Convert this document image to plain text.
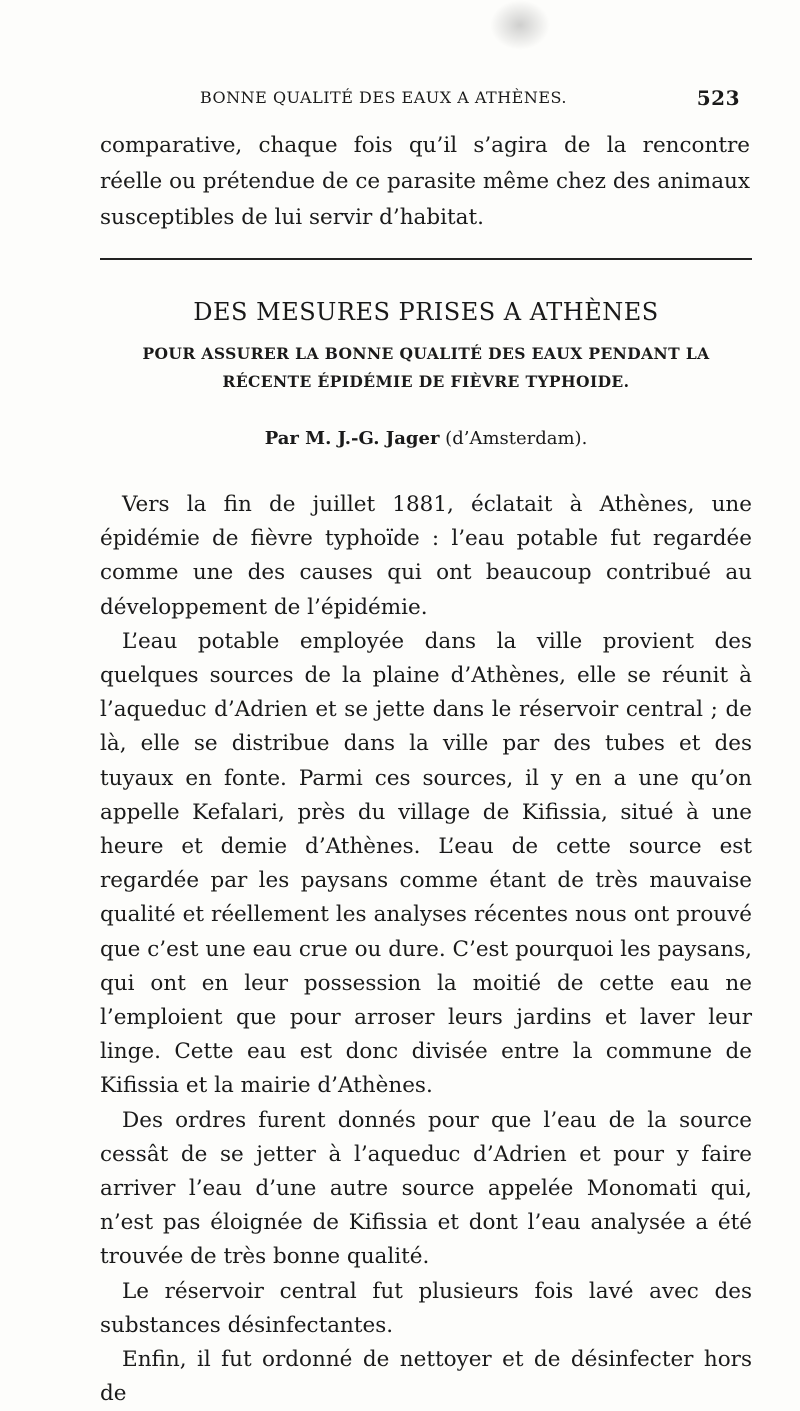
BONNE QUALITÉ DES EAUX A ATHÈNES.	523

comparative, chaque fois qu’il s’agira de la rencontre réelle ou prétendue de ce parasite même chez des animaux susceptibles de lui servir d’habitat.

DES MESURES PRISES A ATHÈNES
POUR ASSURER LA BONNE QUALITÉ DES EAUX PENDANT LA
RÉCENTE ÉPIDÉMIE DE FIÈVRE TYPHOIDE.
Par M. J.-G. Jager (d’Amsterdam).

Vers la fin de juillet 1881, éclatait à Athènes, une épidémie de fièvre typhoïde : l’eau potable fut regardée comme une des causes qui ont beaucoup contribué au développement de l’épidémie.

L’eau potable employée dans la ville provient des quelques sources de la plaine d’Athènes, elle se réunit à l’aqueduc d’Adrien et se jette dans le réservoir central ; de là, elle se distribue dans la ville par des tubes et des tuyaux en fonte. Parmi ces sources, il y en a une qu’on appelle Kefalari, près du village de Kifissia, situé à une heure et demie d’Athènes. L’eau de cette source est regardée par les paysans comme étant de très mauvaise qualité et réellement les analyses récentes nous ont prouvé que c’est une eau crue ou dure. C’est pourquoi les paysans, qui ont en leur possession la moitié de cette eau ne l’emploient que pour arroser leurs jardins et laver leur linge. Cette eau est donc divisée entre la commune de Kifissia et la mairie d’Athènes.

Des ordres furent donnés pour que l’eau de la source cessât de se jetter à l’aqueduc d’Adrien et pour y faire arriver l’eau d’une autre source appelée Monomati qui, n’est pas éloignée de Kifissia et dont l’eau analysée a été trouvée de très bonne qualité.

Le réservoir central fut plusieurs fois lavé avec des substances désinfectantes.

Enfin, il fut ordonné de nettoyer et de désinfecter hors de
